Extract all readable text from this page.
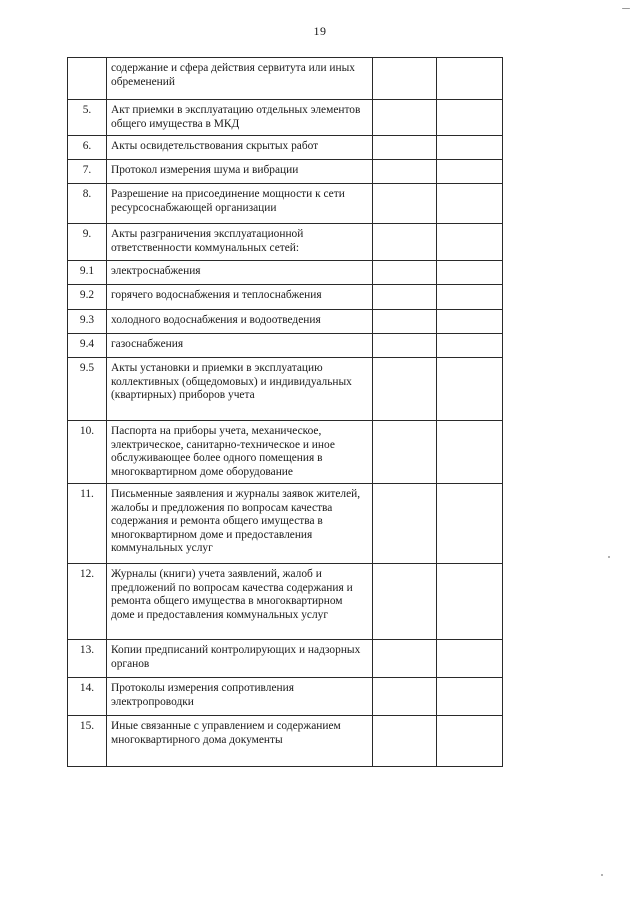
19
	содержание и сфера действия сервитута или иных обременений		
5.	Акт приемки в эксплуатацию отдельных элементов общего имущества в МКД		
6.	Акты освидетельствования скрытых работ		
7.	Протокол измерения шума и вибрации		
8.	Разрешение на присоединение мощности к сети ресурсоснабжающей организации		
9.	Акты разграничения эксплуатационной ответственности коммунальных сетей:		
9.1	электроснабжения		
9.2	горячего водоснабжения и теплоснабжения		
9.3	холодного водоснабжения и водоотведения		
9.4	газоснабжения		
9.5	Акты установки и приемки в эксплуатацию коллективных (общедомовых) и индивидуальных (квартирных) приборов учета		
10.	Паспорта на приборы учета, механическое, электрическое, санитарно-техническое и иное обслуживающее более одного помещения в многоквартирном доме оборудование		
11.	Письменные заявления и журналы заявок жителей, жалобы и предложения по вопросам качества содержания и ремонта общего имущества в многоквартирном доме и предоставления коммунальных услуг		
12.	Журналы (книги) учета заявлений, жалоб и предложений по вопросам качества содержания и ремонта общего имущества в многоквартирном доме и предоставления коммунальных услуг		
13.	Копии предписаний контролирующих и надзорных органов		
14.	Протоколы измерения сопротивления электропроводки		
15.	Иные связанные с управлением и содержанием многоквартирного дома документы		
